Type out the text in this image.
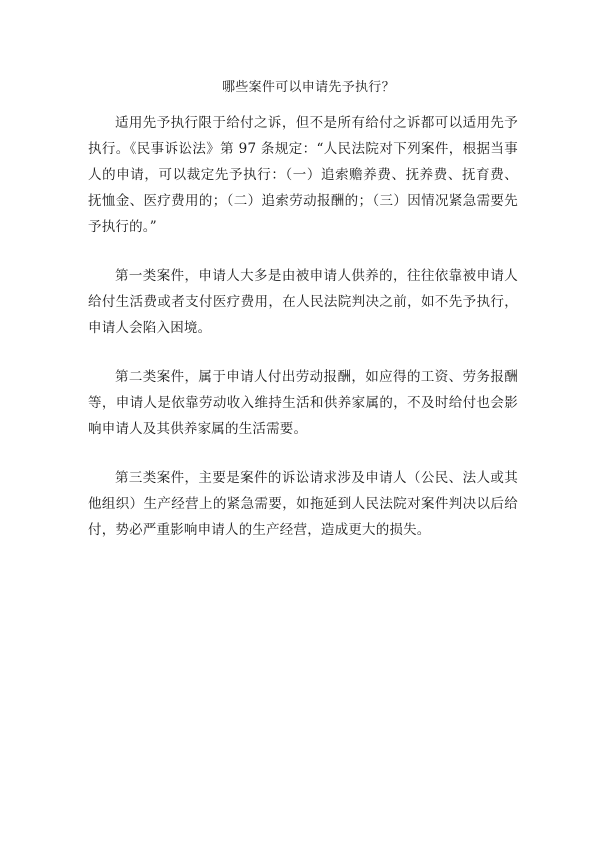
哪些案件可以申请先予执行？

适用先予执行限于给付之诉，但不是所有给付之诉都可以适用先予执行。《民事诉讼法》第 97 条规定：“人民法院对下列案件，根据当事人的申请，可以裁定先予执行：（一）追索赡养费、抚养费、抚育费、抚恤金、医疗费用的；（二）追索劳动报酬的；（三）因情况紧急需要先予执行的。”

第一类案件，申请人大多是由被申请人供养的，往往依靠被申请人给付生活费或者支付医疗费用，在人民法院判决之前，如不先予执行，申请人会陷入困境。

第二类案件，属于申请人付出劳动报酬，如应得的工资、劳务报酬等，申请人是依靠劳动收入维持生活和供养家属的，不及时给付也会影响申请人及其供养家属的生活需要。

第三类案件，主要是案件的诉讼请求涉及申请人（公民、法人或其他组织）生产经营上的紧急需要，如拖延到人民法院对案件判决以后给付，势必严重影响申请人的生产经营，造成更大的损失。
